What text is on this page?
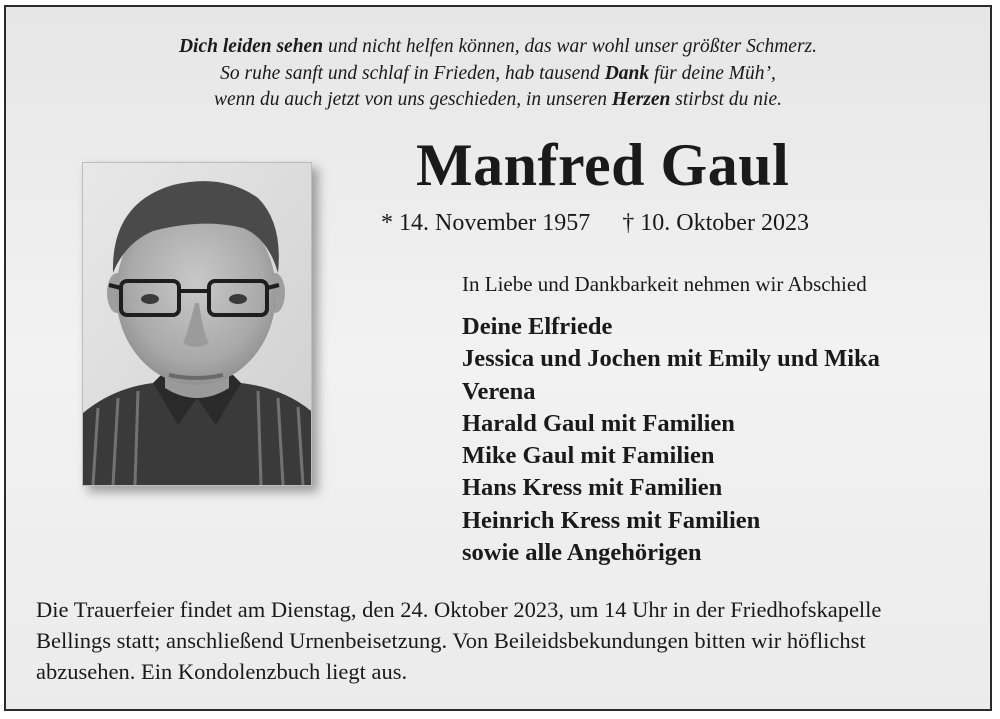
Dich leiden sehen und nicht helfen können, das war wohl unser größter Schmerz.
So ruhe sanft und schlaf in Frieden, hab tausend Dank für deine Müh’,
wenn du auch jetzt von uns geschieden, in unseren Herzen stirbst du nie.
Manfred Gaul
* 14. November 1957 † 10. Oktober 2023
In Liebe und Dankbarkeit nehmen wir Abschied
Deine Elfriede
Jessica und Jochen mit Emily und Mika
Verena
Harald Gaul mit Familien
Mike Gaul mit Familien
Hans Kress mit Familien
Heinrich Kress mit Familien
sowie alle Angehörigen
Die Trauerfeier findet am Dienstag, den 24. Oktober 2023, um 14 Uhr in der Friedhofskapelle
Bellings statt; anschließend Urnenbeisetzung. Von Beileidsbekundungen bitten wir höflichst
abzusehen. Ein Kondolenzbuch liegt aus.
